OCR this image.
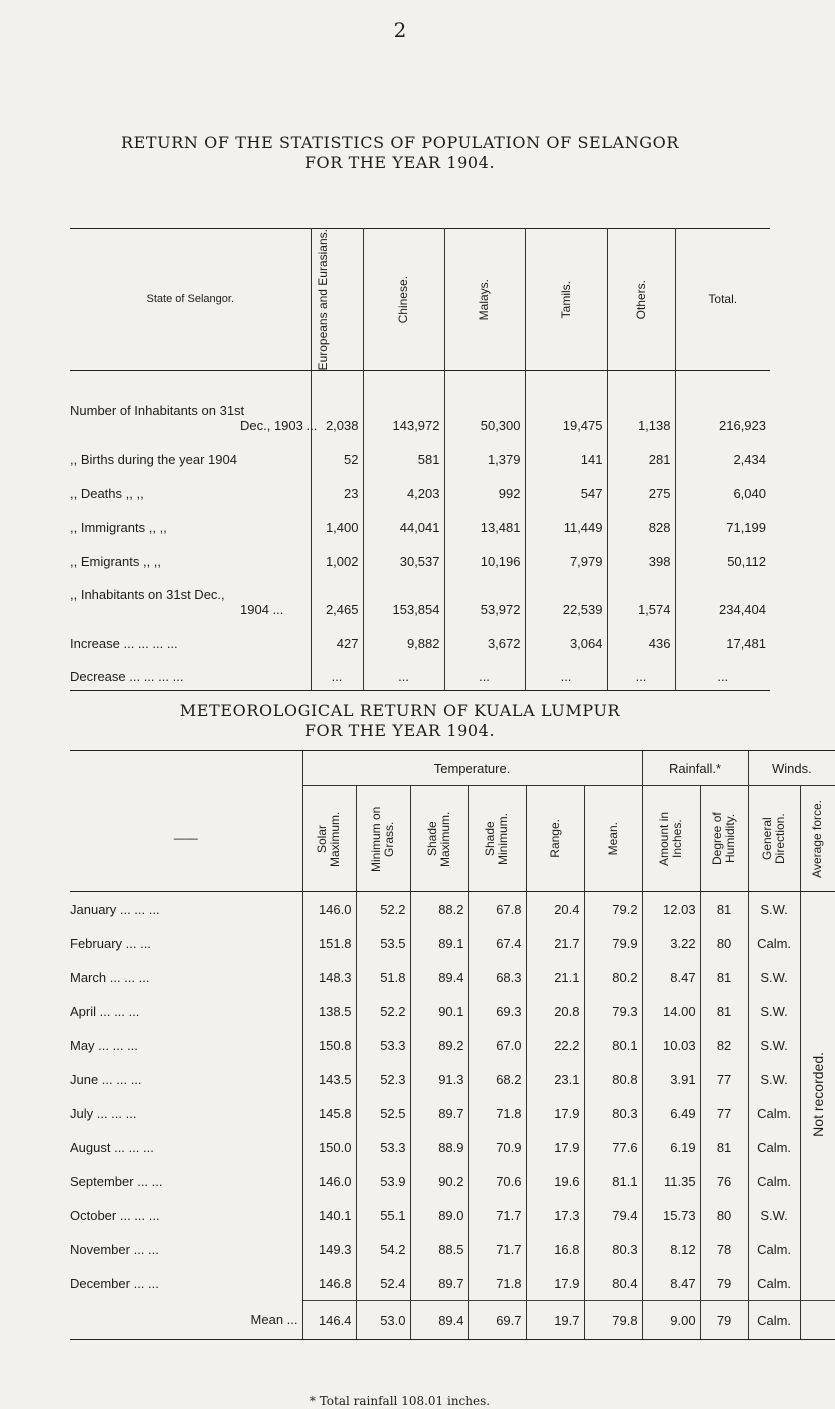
2
RETURN OF THE STATISTICS OF POPULATION OF SELANGOR
FOR THE YEAR 1904.
State of Selangor.	Europeans and Eurasians.	Chinese.	Malays.	Tamils.	Others.	Total.

Number of Inhabitants on 31st
Dec., 1903 ...	2,038	143,972	50,300	19,475	1,138	216,923

,, Births during the year 1904	52	581	1,379	141	281	2,434

,, Deaths ,, ,,	23	4,203	992	547	275	6,040

,, Immigrants ,, ,,	1,400	44,041	13,481	11,449	828	71,199

,, Emigrants ,, ,,	1,002	30,537	10,196	7,979	398	50,112

,, Inhabitants on 31st Dec.,
1904 ...	2,465	153,854	53,972	22,539	1,574	234,404

Increase ... ... ... ...	427	9,882	3,672	3,064	436	17,481

Decrease ... ... ... ...	...	...	...	...	...	...
METEOROLOGICAL RETURN OF KUALA LUMPUR
FOR THE YEAR 1904.
	Temperature.						Rainfall.*		Winds.	

——	Solar Maximum.	Minimum on Grass.	Shade Maximum.	Shade Minimum.	Range.	Mean.	Amount in Inches.	Degree of Humidity.	General Direction.	Average force.

January ... ... ...	146.0	52.2	88.2	67.8	20.4	79.2	12.03	81	S.W.	Not recorded.
February ... ...	151.8	53.5	89.1	67.4	21.7	79.9	3.22	80	Calm.	
March ... ... ...	148.3	51.8	89.4	68.3	21.1	80.2	8.47	81	S.W.	
April ... ... ...	138.5	52.2	90.1	69.3	20.8	79.3	14.00	81	S.W.	
May ... ... ...	150.8	53.3	89.2	67.0	22.2	80.1	10.03	82	S.W.	
June ... ... ...	143.5	52.3	91.3	68.2	23.1	80.8	3.91	77	S.W.	
July ... ... ...	145.8	52.5	89.7	71.8	17.9	80.3	6.49	77	Calm.	
August ... ... ...	150.0	53.3	88.9	70.9	17.9	77.6	6.19	81	Calm.	
September ... ...	146.0	53.9	90.2	70.6	19.6	81.1	11.35	76	Calm.	
October ... ... ...	140.1	55.1	89.0	71.7	17.3	79.4	15.73	80	S.W.	
November ... ...	149.3	54.2	88.5	71.7	16.8	80.3	8.12	78	Calm.	
December ... ...	146.8	52.4	89.7	71.8	17.9	80.4	8.47	79	Calm.	
Mean ...	146.4	53.0	89.4	69.7	19.7	79.8	9.00	79	Calm.	
* Total rainfall 108.01 inches.
